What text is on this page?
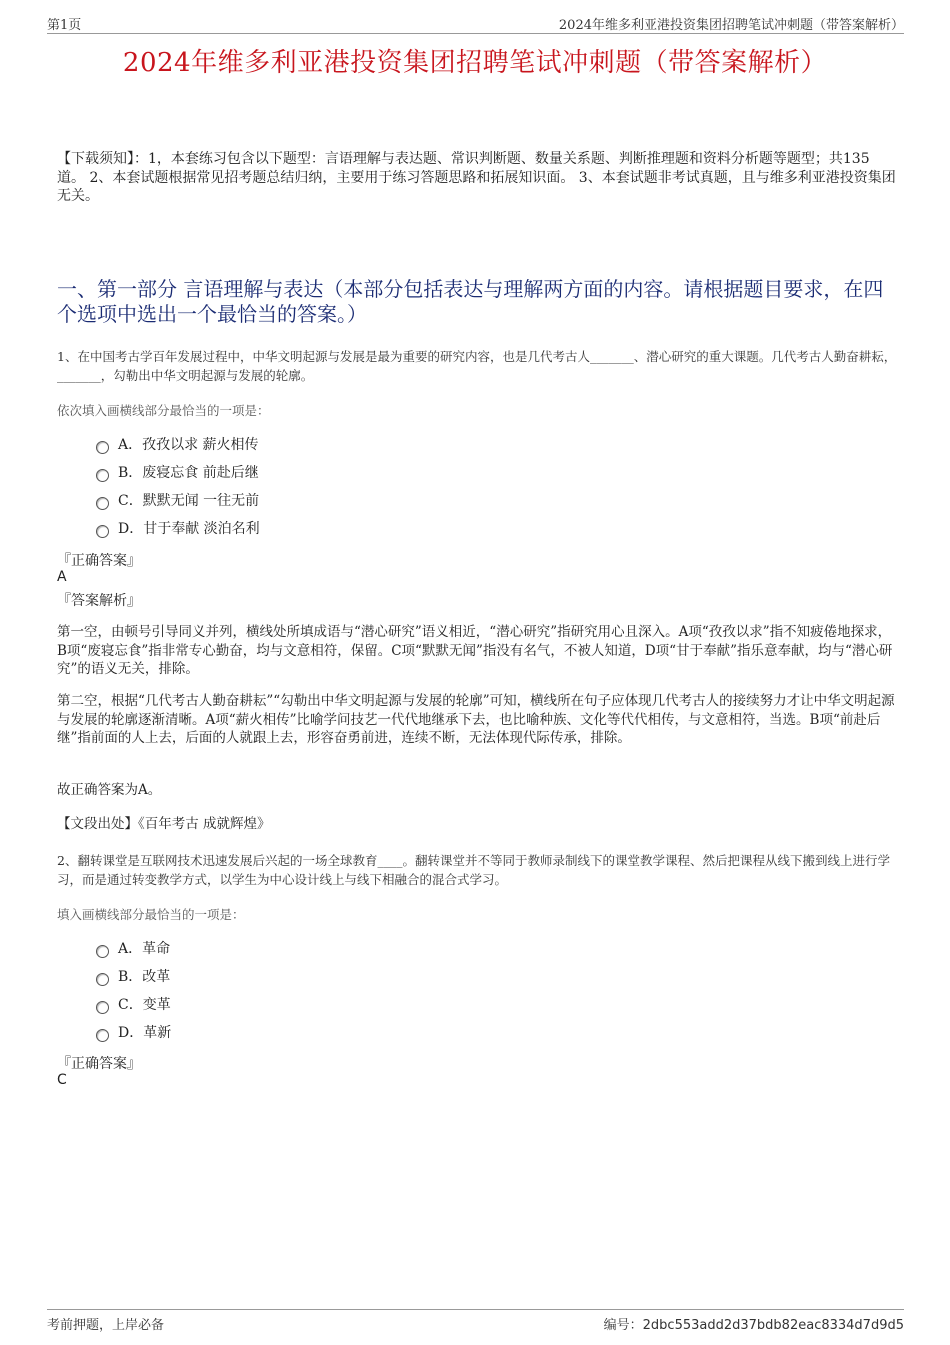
第1页	2024年维多利亚港投资集团招聘笔试冲刺题（带答案解析）
2024年维多利亚港投资集团招聘笔试冲刺题（带答案解析）
【下载须知】：1，本套练习包含以下题型：言语理解与表达题、常识判断题、数量关系题、判断推理题和资料分析题等题型；共135道。 2、本套试题根据常见招考题总结归纳，主要用于练习答题思路和拓展知识面。 3、本套试题非考试真题，且与维多利亚港投资集团无关。
一、第一部分 言语理解与表达（本部分包括表达与理解两方面的内容。请根据题目要求，在四个选项中选出一个最恰当的答案。）
1、在中国考古学百年发展过程中，中华文明起源与发展是最为重要的研究内容，也是几代考古人_______、潜心研究的重大课题。几代考古人勤奋耕耘，_______，勾勒出中华文明起源与发展的轮廓。
依次填入画横线部分最恰当的一项是：
A．孜孜以求 薪火相传
B．废寝忘食 前赴后继
C．默默无闻 一往无前
D．甘于奉献 淡泊名利
『正确答案』
A
『答案解析』
第一空，由顿号引导同义并列，横线处所填成语与“潜心研究”语义相近，“潜心研究”指研究用心且深入。A项“孜孜以求”指不知疲倦地探求，B项“废寝忘食”指非常专心勤奋，均与文意相符，保留。C项“默默无闻”指没有名气，不被人知道，D项“甘于奉献”指乐意奉献，均与“潜心研究”的语义无关，排除。
第二空，根据“几代考古人勤奋耕耘”“勾勒出中华文明起源与发展的轮廓”可知，横线所在句子应体现几代考古人的接续努力才让中华文明起源与发展的轮廓逐渐清晰。A项“薪火相传”比喻学问技艺一代代地继承下去，也比喻种族、文化等代代相传，与文意相符，当选。B项“前赴后继”指前面的人上去，后面的人就跟上去，形容奋勇前进，连续不断，无法体现代际传承，排除。
故正确答案为A。
【文段出处】《百年考古 成就辉煌》
2、翻转课堂是互联网技术迅速发展后兴起的一场全球教育____。翻转课堂并不等同于教师录制线下的课堂教学课程、然后把课程从线下搬到线上进行学习，而是通过转变教学方式，以学生为中心设计线上与线下相融合的混合式学习。
填入画横线部分最恰当的一项是：
A．革命
B．改革
C．变革
D．革新
『正确答案』
C
考前押题，上岸必备	编号：2dbc553add2d37bdb82eac8334d7d9d5
